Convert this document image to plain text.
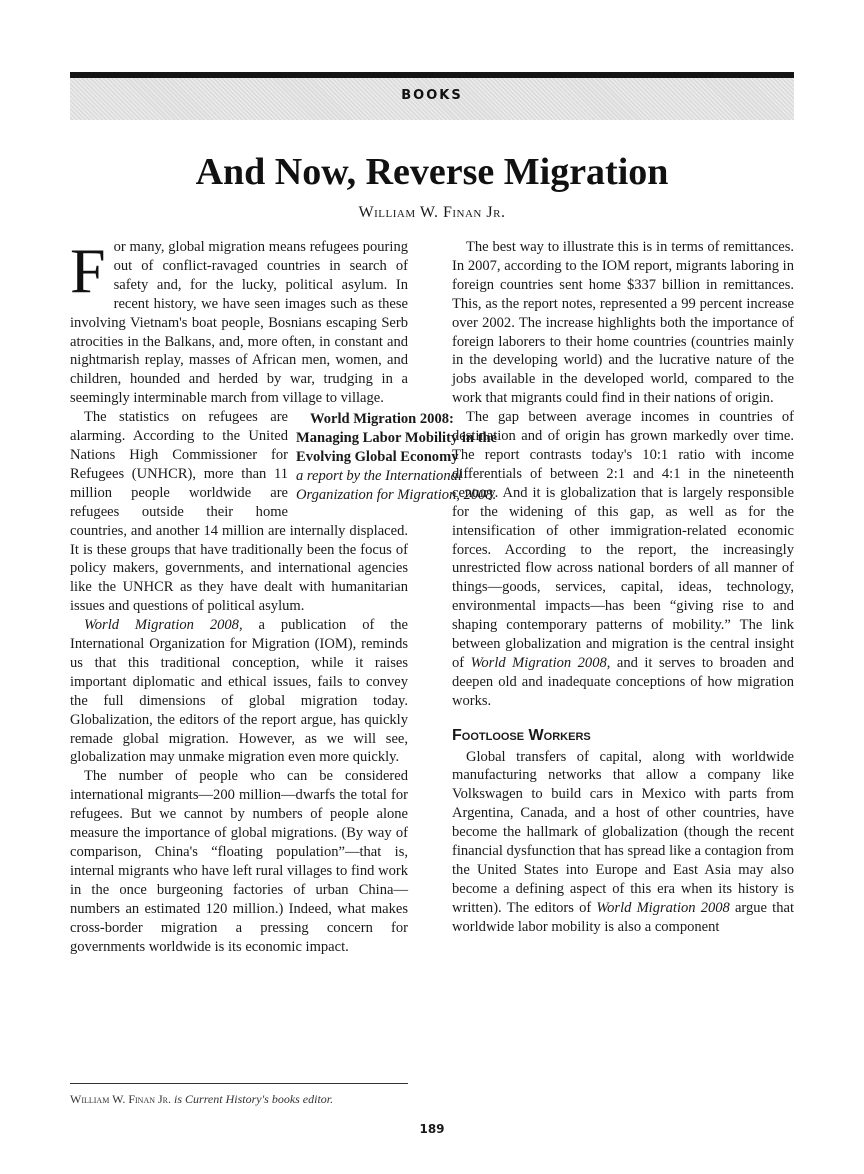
BOOKS
And Now, Reverse Migration
William W. Finan Jr.

For many, global migration means refugees pouring out of conflict-ravaged countries in search of safety and, for the lucky, political asylum. In recent history, we have seen images such as these involving Vietnam's boat people, Bosnians escaping Serb atrocities in the Balkans, and, more often, in constant and nightmarish replay, masses of African men, women, and children, hounded and herded by war, trudging in a seemingly interminable march from village to village.

World Migration 2008:
Managing Labor Mobility in the
Evolving Global Economy
a report by the International
Organization for Migration, 2008.
The statistics on refugees are alarming. According to the United Nations High Commissioner for Refugees (UNHCR), more than 11 million people worldwide are refugees outside their home countries, and another 14 million are internally displaced. It is these groups that have traditionally been the focus of policy makers, governments, and international agencies like the UNHCR as they have dealt with humanitarian issues and questions of political asylum.

World Migration 2008, a publication of the International Organization for Migration (IOM), reminds us that this traditional conception, while it raises important diplomatic and ethical issues, fails to convey the full dimensions of global migration today. Globalization, the editors of the report argue, has quickly remade global migration. However, as we will see, globalization may unmake migration even more quickly.

The number of people who can be considered international migrants—200 million—dwarfs the total for refugees. But we cannot by numbers of people alone measure the importance of global migrations. (By way of comparison, China's “floating population”—that is, internal migrants who have left rural villages to find work in the once burgeoning factories of urban China—numbers an estimated 120 million.) Indeed, what makes cross-border migration a pressing concern for governments worldwide is its economic impact.

The best way to illustrate this is in terms of remittances. In 2007, according to the IOM report, migrants laboring in foreign countries sent home $337 billion in remittances. This, as the report notes, represented a 99 percent increase over 2002. The increase highlights both the importance of foreign laborers to their home countries (countries mainly in the developing world) and the lucrative nature of the jobs available in the developed world, compared to the work that migrants could find in their nations of origin.

The gap between average incomes in countries of destination and of origin has grown markedly over time. The report contrasts today's 10:1 ratio with income differentials of between 2:1 and 4:1 in the nineteenth century. And it is globalization that is largely responsible for the widening of this gap, as well as for the intensification of other immigration-related economic forces. According to the report, the increasingly unrestricted flow across national borders of all manner of things—goods, services, capital, ideas, technology, environmental impacts—has been “giving rise to and shaping contemporary patterns of mobility.” The link between globalization and migration is the central insight of World Migration 2008, and it serves to broaden and deepen old and inadequate conceptions of how migration works.

Footloose Workers

Global transfers of capital, along with worldwide manufacturing networks that allow a company like Volkswagen to build cars in Mexico with parts from Argentina, Canada, and a host of other countries, have become the hallmark of globalization (though the recent financial dysfunction that has spread like a contagion from the United States into Europe and East Asia may also become a defining aspect of this era when its history is written). The editors of World Migration 2008 argue that worldwide labor mobility is also a component

William W. Finan Jr. is Current History's books editor.
189
